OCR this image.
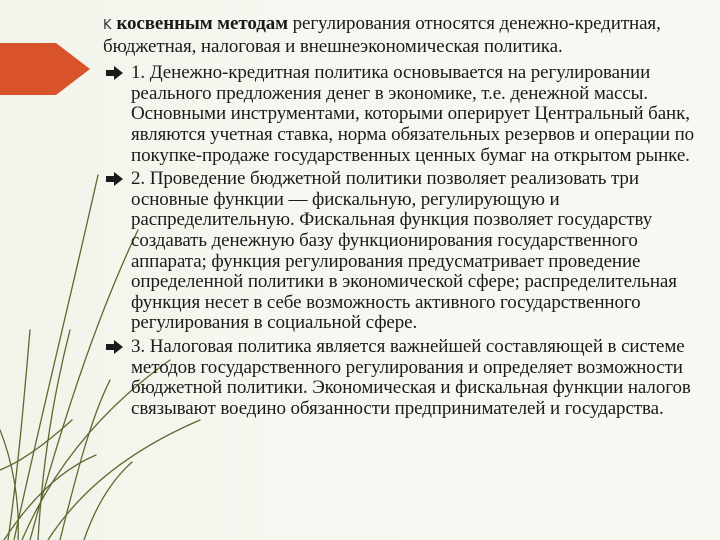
K косвенным методам регулирования относятся денежно-кредитная, бюджетная, налоговая и внешнеэкономическая политика.

1. Денежно-кредитная политика основывается на регулировании реального предложения денег в экономике, т.е. денежной массы. Основными инструментами, которыми оперирует Центральный банк, являются учетная ставка, норма обязательных резервов и операции по покупке-продаже государственных ценных бумаг на открытом рынке.
2. Проведение бюджетной политики позволяет реализовать три основные функции — фискальную, регулирующую и распределительную. Фискальная функция позволяет государству создавать денежную базу функционирования государственного аппарата; функция регулирования предусматривает проведение определенной политики в экономической сфере; распределительная функция несет в себе возможность активного государственного регулирования в социальной сфере.
3. Налоговая политика является важнейшей составляющей в системе методов государственного регулирования и определяет возможности бюджетной политики. Экономическая и фискальная функции налогов связывают воедино обязанности предпринимателей и государства.
